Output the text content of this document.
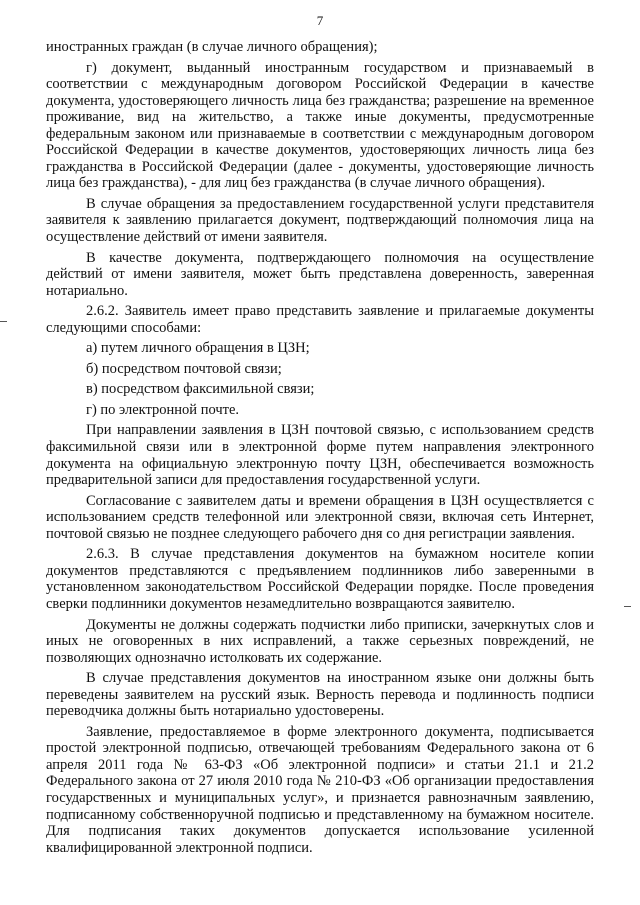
7

иностранных граждан (в случае личного обращения);

г) документ, выданный иностранным государством и признаваемый в соответствии с международным договором Российской Федерации в качестве документа, удостоверяющего личность лица без гражданства; разрешение на временное проживание, вид на жительство, а также иные документы, предусмотренные федеральным законом или признаваемые в соответствии с международным договором Российской Федерации в качестве документов, удостоверяющих личность лица без гражданства в Российской Федерации (далее - документы, удостоверяющие личность лица без гражданства), - для лиц без гражданства (в случае личного обращения).

В случае обращения за предоставлением государственной услуги представителя заявителя к заявлению прилагается документ, подтверждающий полномочия лица на осуществление действий от имени заявителя.

В качестве документа, подтверждающего полномочия на осуществление действий от имени заявителя, может быть представлена доверенность, заверенная нотариально.

2.6.2. Заявитель имеет право представить заявление и прилагаемые документы следующими способами:

а) путем личного обращения в ЦЗН;
б) посредством почтовой связи;
в) посредством факсимильной связи;
г) по электронной почте.

При направлении заявления в ЦЗН почтовой связью, с использованием средств факсимильной связи или в электронной форме путем направления электронного документа на официальную электронную почту ЦЗН, обеспечивается возможность предварительной записи для предоставления государственной услуги.

Согласование с заявителем даты и времени обращения в ЦЗН осуществляется с использованием средств телефонной или электронной связи, включая сеть Интернет, почтовой связью не позднее следующего рабочего дня со дня регистрации заявления.

2.6.3. В случае представления документов на бумажном носителе копии документов представляются с предъявлением подлинников либо заверенными в установленном законодательством Российской Федерации порядке. После проведения сверки подлинники документов незамедлительно возвращаются заявителю.

Документы не должны содержать подчистки либо приписки, зачеркнутых слов и иных не оговоренных в них исправлений, а также серьезных повреждений, не позволяющих однозначно истолковать их содержание.

В случае представления документов на иностранном языке они должны быть переведены заявителем на русский язык. Верность перевода и подлинность подписи переводчика должны быть нотариально удостоверены.

Заявление, предоставляемое в форме электронного документа, подписывается простой электронной подписью, отвечающей требованиям Федерального закона от 6 апреля 2011 года № 63-ФЗ «Об электронной подписи» и статьи 21.1 и 21.2 Федерального закона от 27 июля 2010 года № 210-ФЗ «Об организации предоставления государственных и муниципальных услуг», и признается равнозначным заявлению, подписанному собственноручной подписью и представленному на бумажном носителе. Для подписания таких документов допускается использование усиленной квалифицированной электронной подписи.
